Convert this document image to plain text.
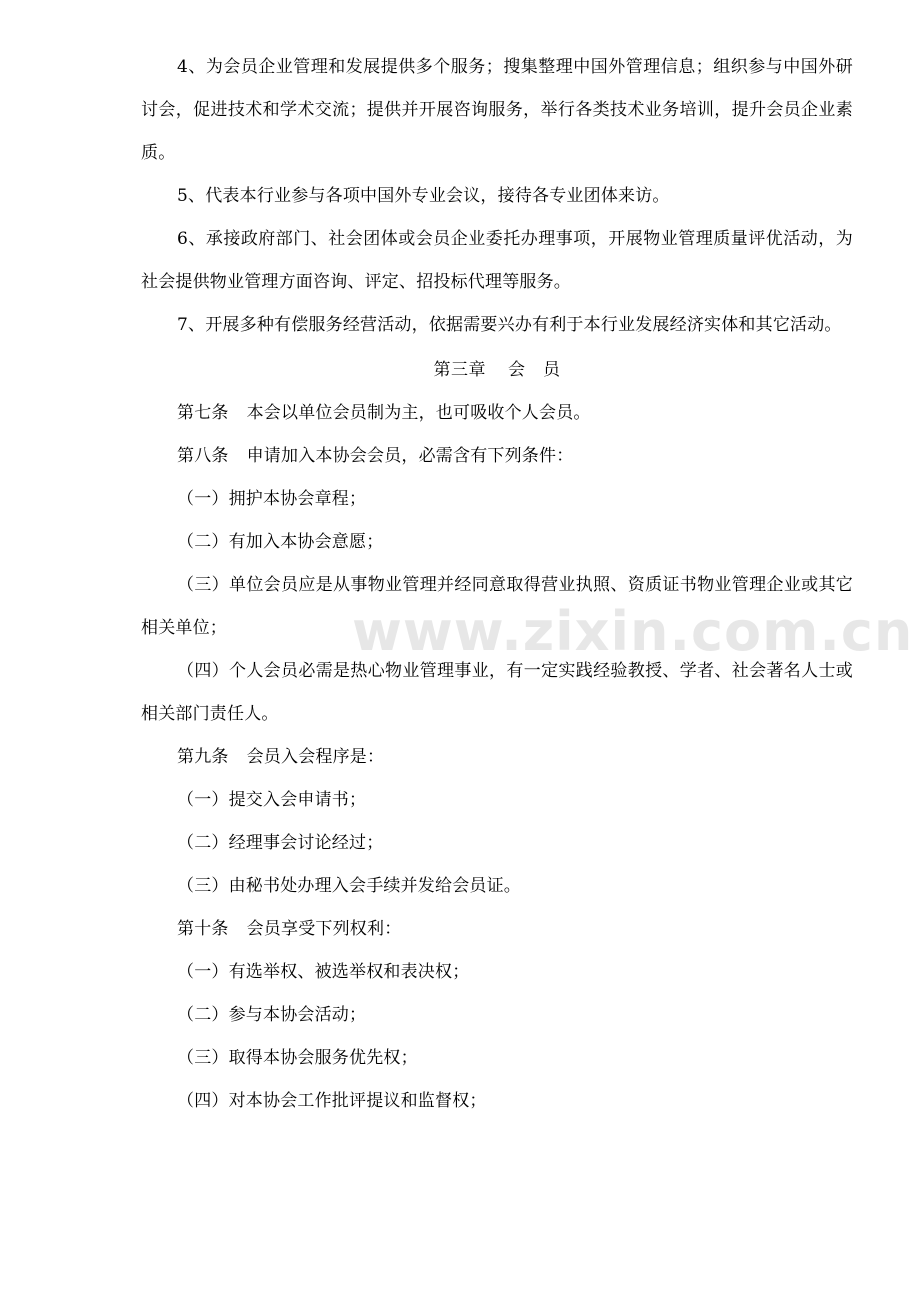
4、为会员企业管理和发展提供多个服务；搜集整理中国外管理信息；组织参与中国外研讨会，促进技术和学术交流；提供并开展咨询服务，举行各类技术业务培训，提升会员企业素质。

5、代表本行业参与各项中国外专业会议，接待各专业团体来访。

6、承接政府部门、社会团体或会员企业委托办理事项，开展物业管理质量评优活动，为社会提供物业管理方面咨询、评定、招投标代理等服务。

7、开展多种有偿服务经营活动，依据需要兴办有利于本行业发展经济实体和其它活动。

第三章 会　员

第七条 本会以单位会员制为主，也可吸收个人会员。

第八条 申请加入本协会会员，必需含有下列条件：

（一）拥护本协会章程；

（二）有加入本协会意愿；

（三）单位会员应是从事物业管理并经同意取得营业执照、资质证书物业管理企业或其它相关单位；

（四）个人会员必需是热心物业管理事业，有一定实践经验教授、学者、社会著名人士或相关部门责任人。

第九条 会员入会程序是：

（一）提交入会申请书；

（二）经理事会讨论经过；

（三）由秘书处办理入会手续并发给会员证。

第十条 会员享受下列权利：

（一）有选举权、被选举权和表决权；

（二）参与本协会活动；

（三）取得本协会服务优先权；

（四）对本协会工作批评提议和监督权；

www.zixin.com.cn
